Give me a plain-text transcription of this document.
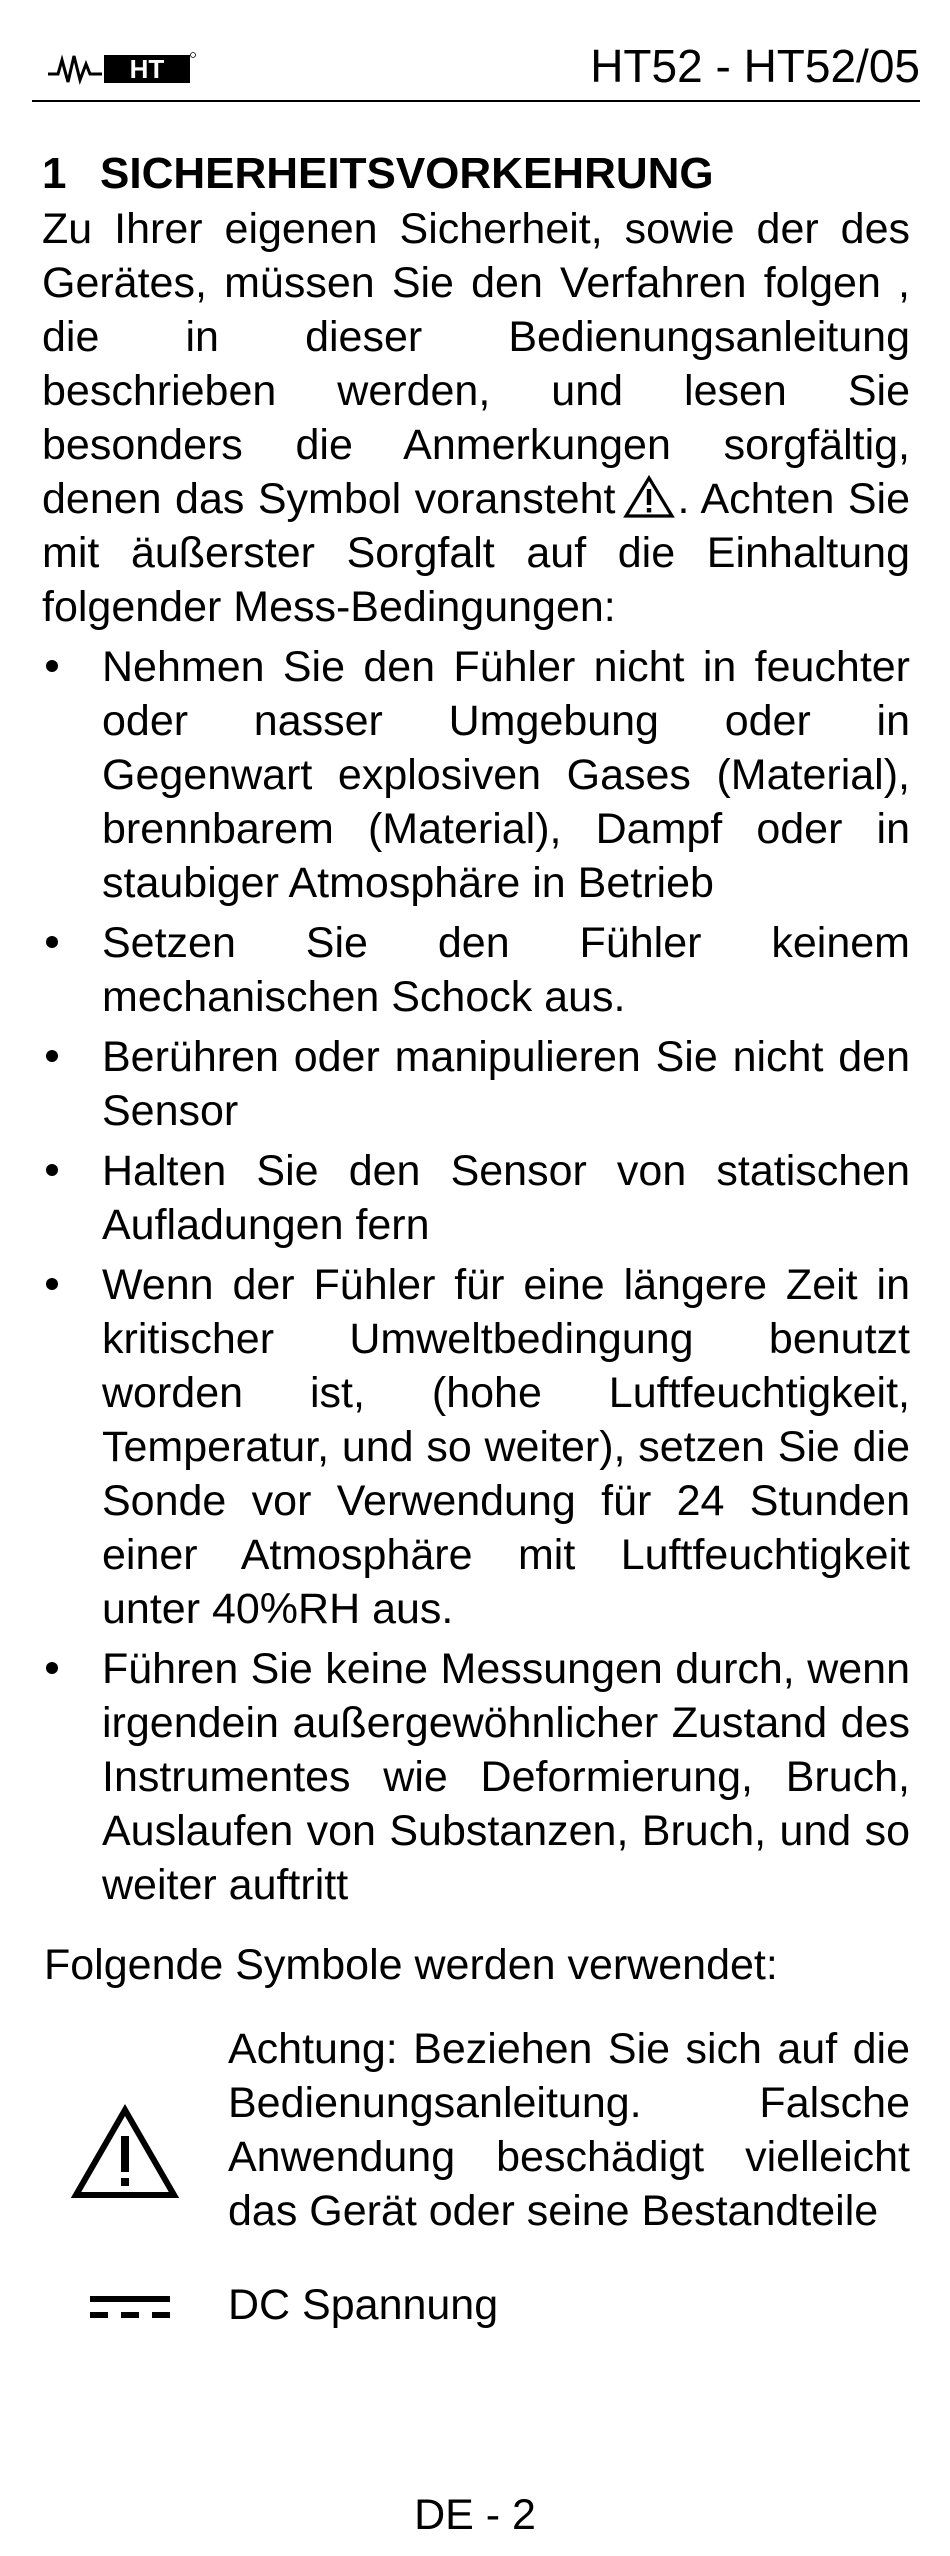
HT	HT52 - HT52/05
1 SICHERHEITSVORKEHRUNG

Zu Ihrer eigenen Sicherheit, sowie der des Gerätes, müssen Sie den Verfahren folgen , die in dieser Bedienungsanleitung beschrieben werden, und lesen Sie besonders die Anmerkungen sorgfältig, denen das Symbol voransteht . Achten Sie mit äußerster Sorgfalt auf die Einhaltung folgender Mess-Bedingungen:

Nehmen Sie den Fühler nicht in feuchter oder nasser Umgebung oder in Gegenwart explosiven Gases (Material), brennbarem (Material), Dampf oder in staubiger Atmosphäre in Betrieb
Setzen Sie den Fühler keinem mechanischen Schock aus.
Berühren oder manipulieren Sie nicht den Sensor
Halten Sie den Sensor von statischen Aufladungen fern
Wenn der Fühler für eine längere Zeit in kritischer Umweltbedingung benutzt worden ist, (hohe Luftfeuchtigkeit, Temperatur, und so weiter), setzen Sie die Sonde vor Verwendung für 24 Stunden einer Atmosphäre mit Luftfeuchtigkeit unter 40%RH aus.
Führen Sie keine Messungen durch, wenn irgendein außergewöhnlicher Zustand des Instrumentes wie Deformierung, Bruch, Auslaufen von Substanzen, Bruch, und so weiter auftritt

Folgende Symbole werden verwendet:

Achtung: Beziehen Sie sich auf die Bedienungsanleitung. Falsche Anwendung beschädigt vielleicht das Gerät oder seine Bestandteile
DC Spannung
DE - 2
